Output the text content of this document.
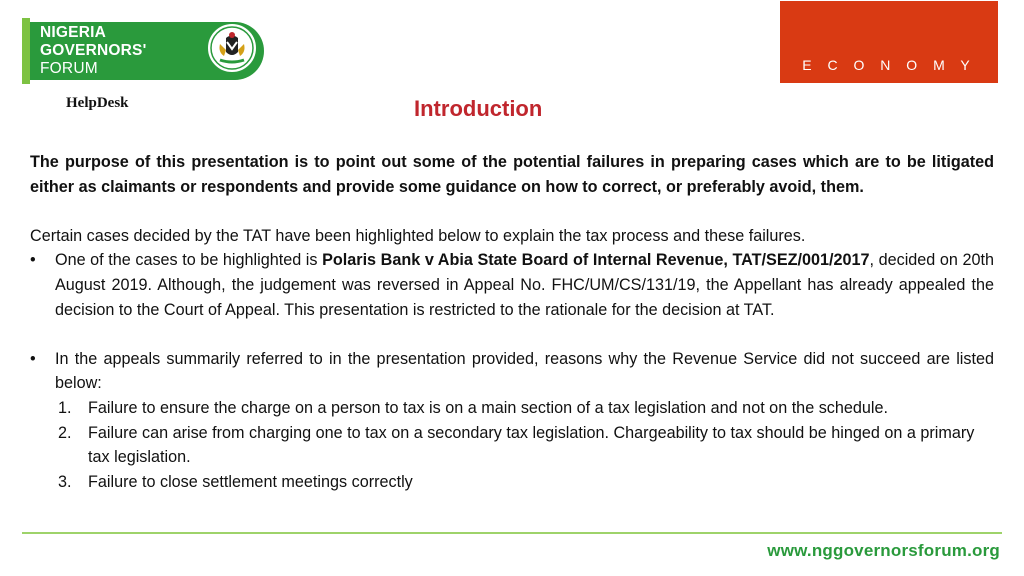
NIGERIA
GOVERNORS'
FORUM	E C O N O M Y
HelpDesk	Introduction

The purpose of this presentation is to point out some of the potential failures in preparing cases which are to be litigated either as claimants or respondents and provide some guidance on how to correct, or preferably avoid, them.

Certain cases decided by the TAT have been highlighted below to explain the tax process and these failures.

• One of the cases to be highlighted is Polaris Bank v Abia State Board of Internal Revenue, TAT/SEZ/001/2017, decided on 20th August 2019. Although, the judgement was reversed in Appeal No. FHC/UM/CS/131/19, the Appellant has already appealed the decision to the Court of Appeal. This presentation is restricted to the rationale for the decision at TAT.
• In the appeals summarily referred to in the presentation provided, reasons why the Revenue Service did not succeed are listed below:
1. Failure to ensure the charge on a person to tax is on a main section of a tax legislation and not on the schedule.
2. Failure can arise from charging one to tax on a secondary tax legislation. Chargeability to tax should be hinged on a primary tax legislation.
3. Failure to close settlement meetings correctly
www.nggovernorsforum.org
